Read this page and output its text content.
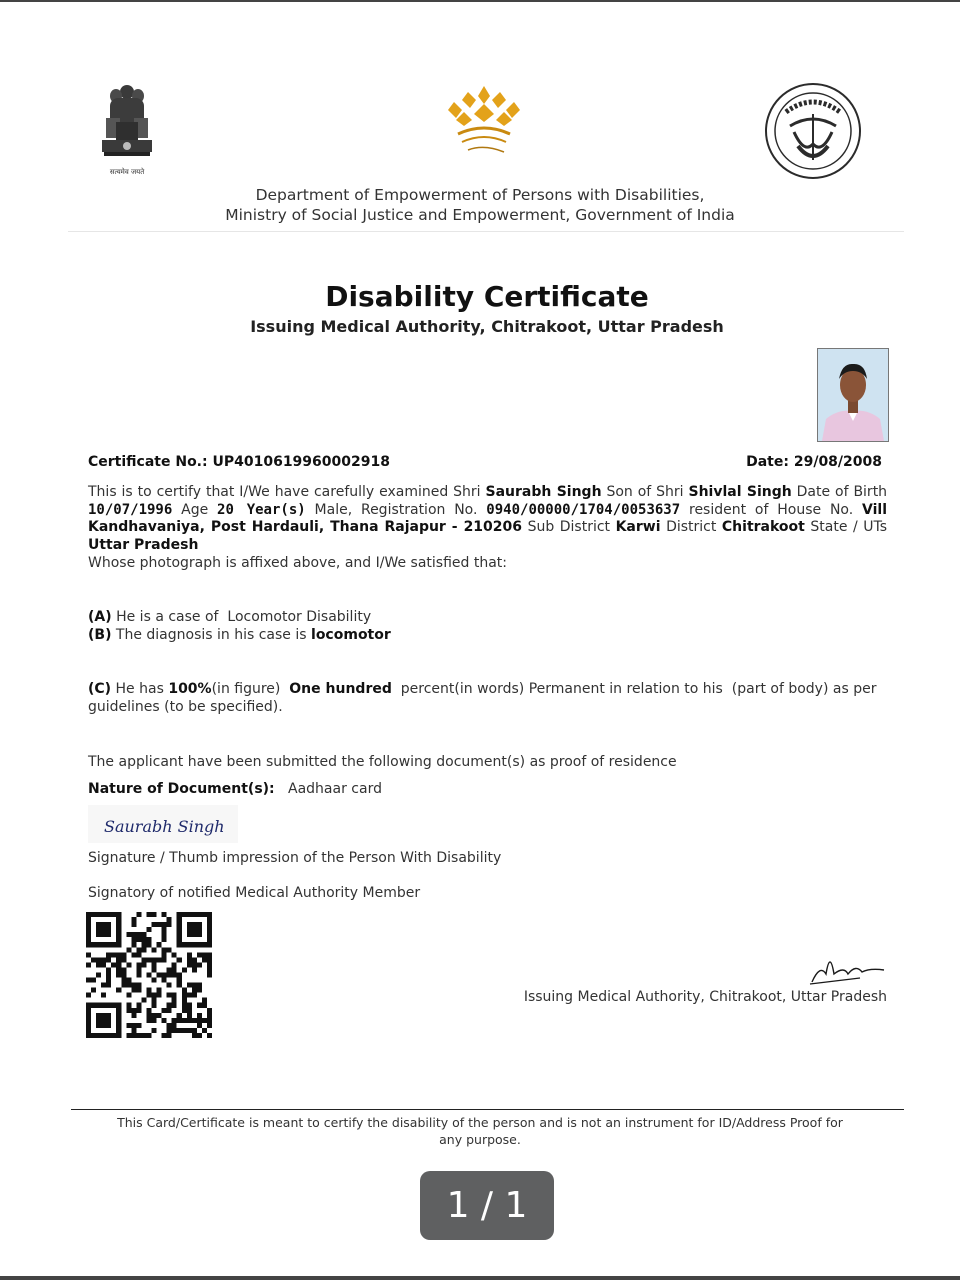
सत्यमेव जयते
Department of Empowerment of Persons with Disabilities,
Ministry of Social Justice and Empowerment, Government of India
Disability Certificate
Issuing Medical Authority, Chitrakoot, Uttar Pradesh
Certificate No.: UP4010619960002918	Date: 29/08/2008
This is to certify that I/We have carefully examined Shri Saurabh Singh Son of Shri Shivlal Singh Date of Birth 10/07/1996 Age 20 Year(s) Male, Registration No. 0940/00000/1704/0053637 resident of House No. Vill Kandhavaniya, Post Hardauli, Thana Rajapur - 210206 Sub District Karwi District Chitrakoot State / UTs Uttar Pradesh
Whose photograph is affixed above, and I/We satisfied that:
(A) He is a case of Locomotor Disability
(B) The diagnosis in his case is locomotor
(C) He has 100%(in figure) One hundred percent(in words) Permanent in relation to his (part of body) as per guidelines (to be specified).
The applicant have been submitted the following document(s) as proof of residence
Nature of Document(s): Aadhaar card
Saurabh Singh
Signature / Thumb impression of the Person With Disability
Signatory of notified Medical Authority Member
Issuing Medical Authority, Chitrakoot, Uttar Pradesh
This Card/Certificate is meant to certify the disability of the person and is not an instrument for ID/Address Proof for any purpose.
1 / 1
